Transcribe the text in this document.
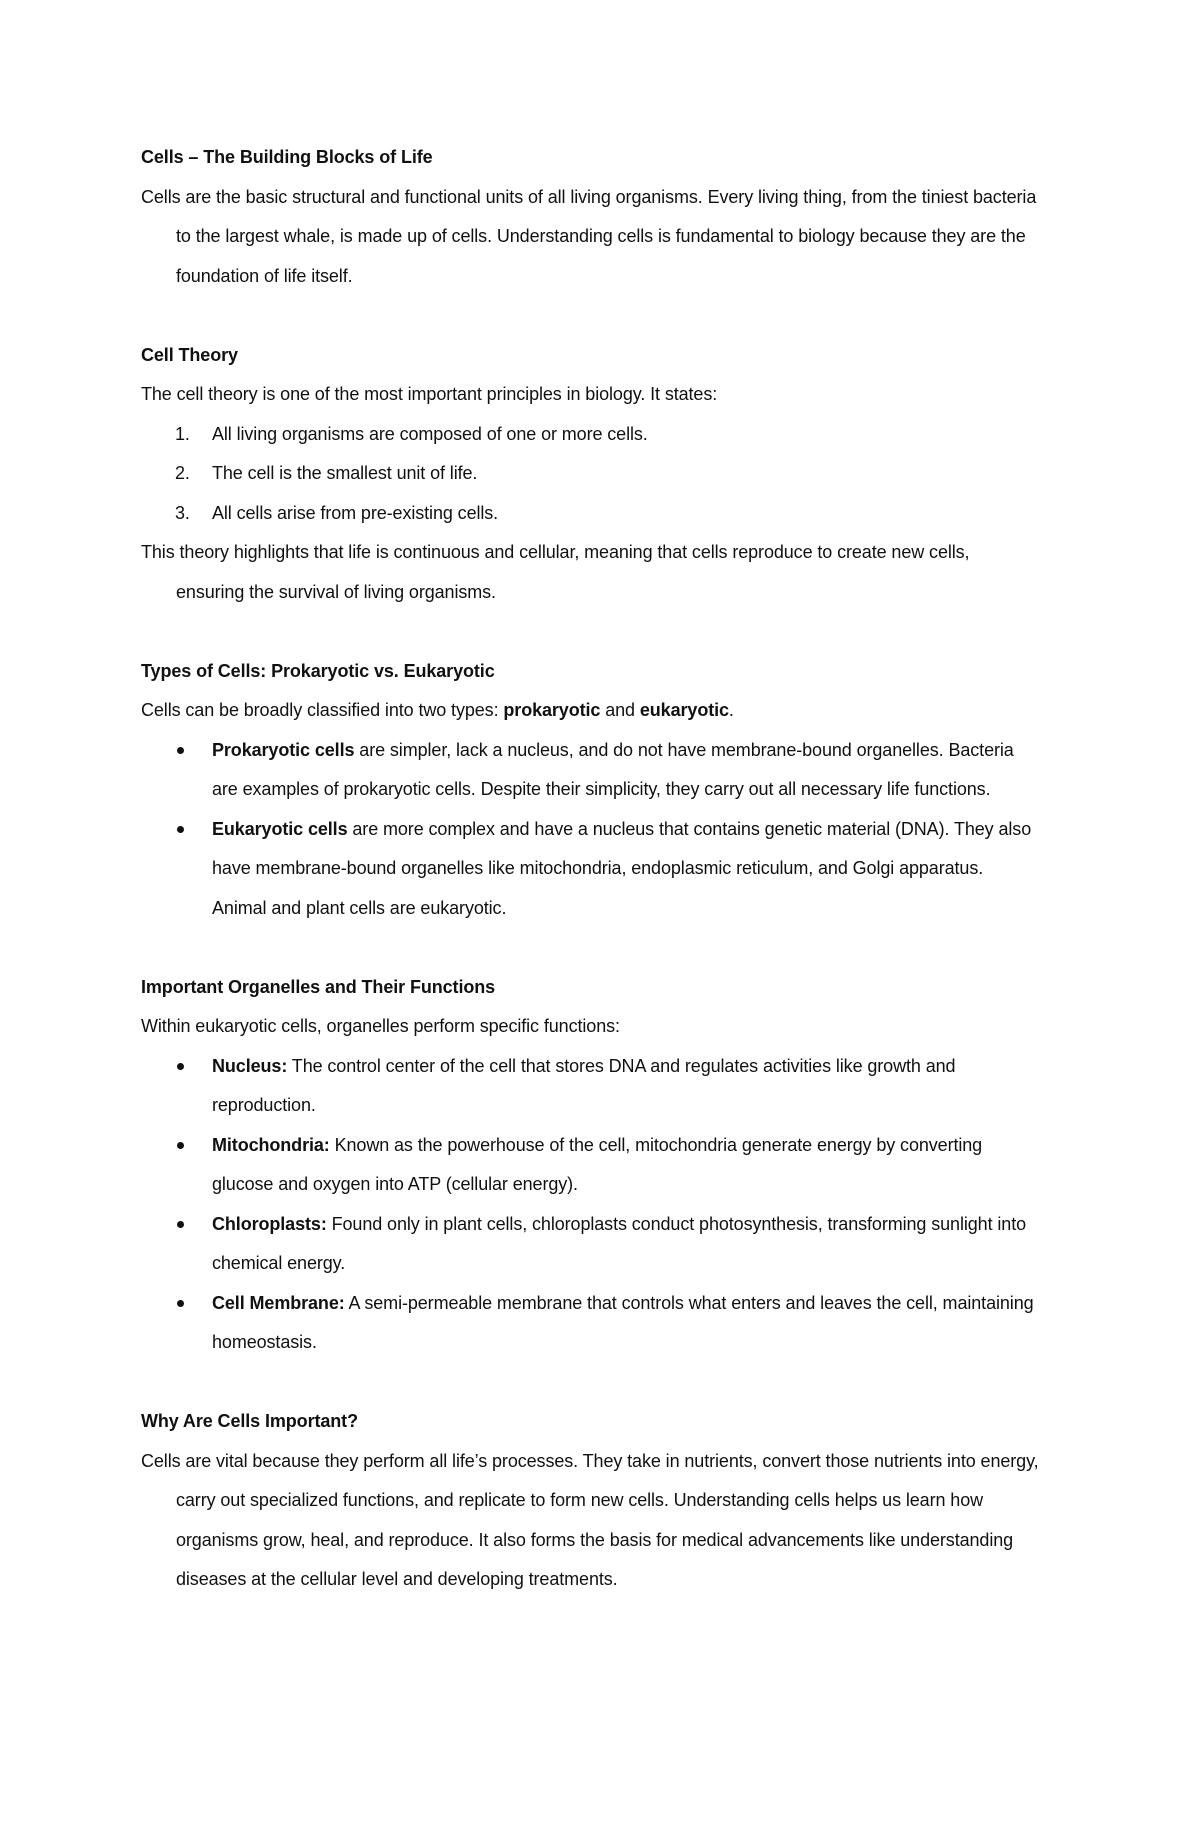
Cells – The Building Blocks of Life

Cells are the basic structural and functional units of all living organisms. Every living thing, from the tiniest bacteria to the largest whale, is made up of cells. Understanding cells is fundamental to biology because they are the foundation of life itself.

Cell Theory

The cell theory is one of the most important principles in biology. It states:

1. All living organisms are composed of one or more cells.
2. The cell is the smallest unit of life.
3. All cells arise from pre-existing cells.

This theory highlights that life is continuous and cellular, meaning that cells reproduce to create new cells, ensuring the survival of living organisms.

Types of Cells: Prokaryotic vs. Eukaryotic

Cells can be broadly classified into two types: prokaryotic and eukaryotic.

Prokaryotic cells are simpler, lack a nucleus, and do not have membrane-bound organelles. Bacteria are examples of prokaryotic cells. Despite their simplicity, they carry out all necessary life functions.
Eukaryotic cells are more complex and have a nucleus that contains genetic material (DNA). They also have membrane-bound organelles like mitochondria, endoplasmic reticulum, and Golgi apparatus. Animal and plant cells are eukaryotic.

Important Organelles and Their Functions

Within eukaryotic cells, organelles perform specific functions:

Nucleus: The control center of the cell that stores DNA and regulates activities like growth and reproduction.
Mitochondria: Known as the powerhouse of the cell, mitochondria generate energy by converting glucose and oxygen into ATP (cellular energy).
Chloroplasts: Found only in plant cells, chloroplasts conduct photosynthesis, transforming sunlight into chemical energy.
Cell Membrane: A semi-permeable membrane that controls what enters and leaves the cell, maintaining homeostasis.

Why Are Cells Important?

Cells are vital because they perform all life’s processes. They take in nutrients, convert those nutrients into energy, carry out specialized functions, and replicate to form new cells. Understanding cells helps us learn how organisms grow, heal, and reproduce. It also forms the basis for medical advancements like understanding diseases at the cellular level and developing treatments.
